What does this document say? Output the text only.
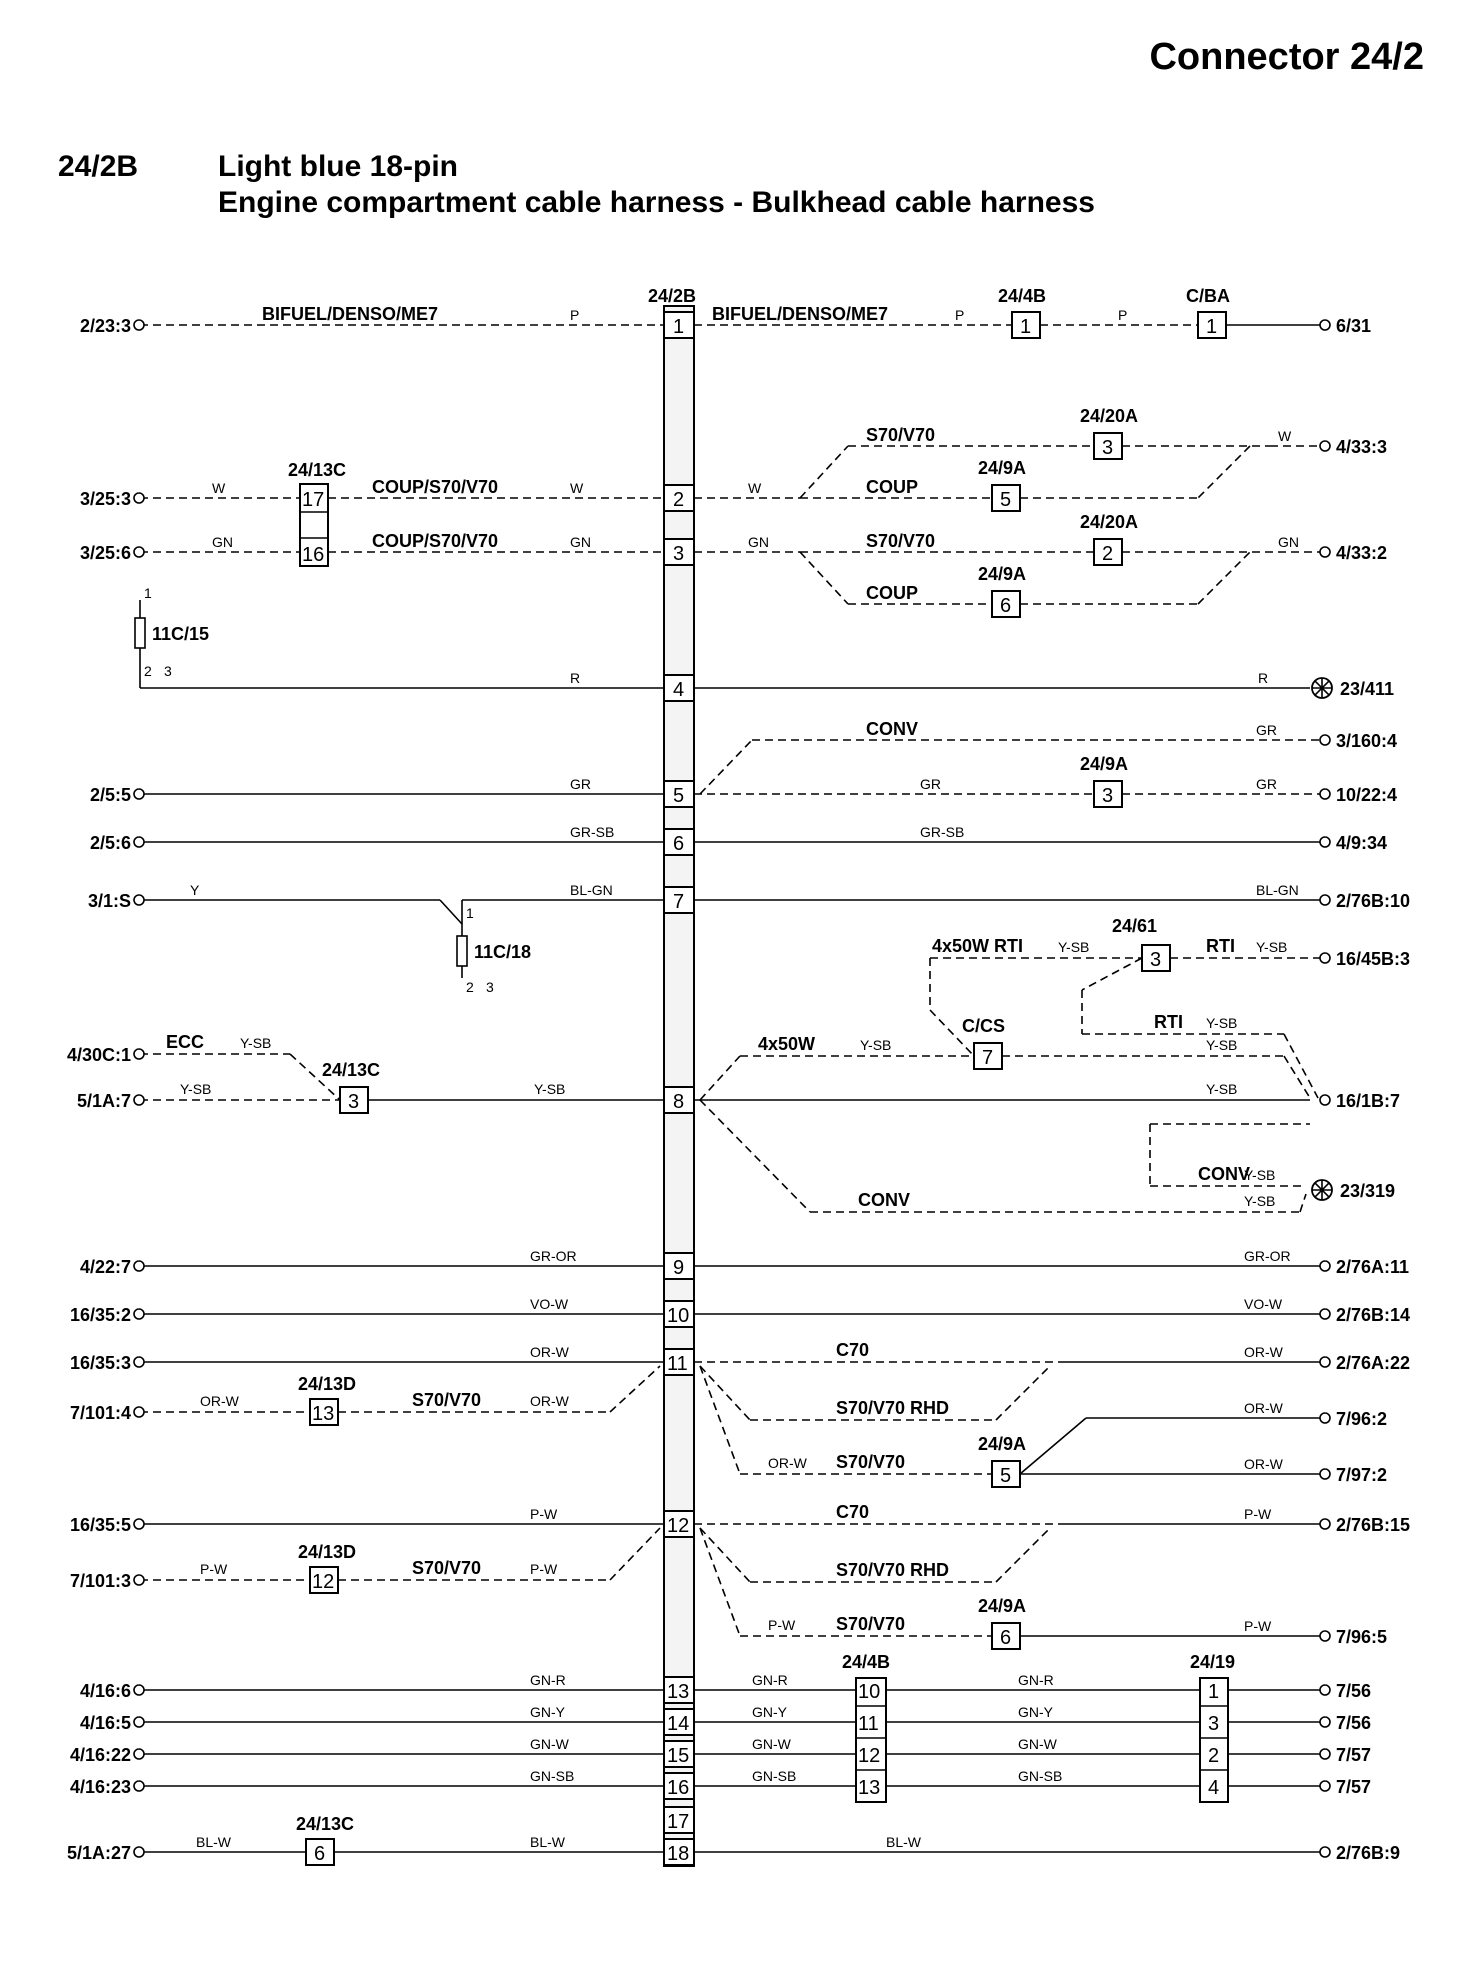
Connector 24/2
24/2B	Light blue 18-pin
Engine compartment cable harness - Bulkhead cable harness
1
2
3
4
5
6
7
8
9
10
11
12
13
14
15
16
17
18
24/2B
P	P	P
BIFUEL/DENSO/ME7	BIFUEL/DENSO/ME7
1
24/4B
1
C/BA
17
16
24/13C
W	W
GN	GN
COUP/S70/V70
COUP/S70/V70
3
24/20A
5
24/9A
S70/V70
COUP
W
W
2
24/20A
6
24/9A
S70/V70
COUP
GN	GN
11C/15
1
2 3	R	R
3
24/9A
CONV
GR	GR	GR
GR
GR-SB	GR-SB
11C/18
1
2 3
Y	BL-GN	BL-GN
3
24/61
4x50W RTI	RTI
RTI
Y-SB	Y-SB
Y-SB
3
24/13C
ECC	Y-SB
Y-SB	Y-SB
7
C/CS
4x50W	Y-SB	Y-SB
Y-SB
CONV
CONV
Y-SB
Y-SB
GR-OR	GR-OR
VO-W	VO-W
OR-W
13
24/13D
S70/V70
OR-W	OR-W
5
24/9A
C70
S70/V70 RHD
S70/V70
OR-W
OR-W
OR-W
OR-W
P-W
12
24/13D
S70/V70
P-W	P-W
6
24/9A
C70
S70/V70 RHD
S70/V70
P-W
P-W
P-W
GN-R
GN-Y
GN-W
GN-SB
10
11
12
13
24/4B
GN-R
GN-Y
GN-W
GN-SB
1
3
2
4
24/19
GN-R
GN-Y
GN-W
GN-SB
6
24/13C
BL-W	BL-W	BL-W
2/23:3
3/25:3
3/25:6
2/5:5
2/5:6
3/1:S
4/30C:1
5/1A:7
4/22:7
16/35:2
16/35:3
7/101:4
16/35:5
7/101:3
4/16:6
4/16:5
4/16:22
4/16:23
5/1A:27
6/31
4/33:3
4/33:2
23/411
3/160:4
10/22:4
4/9:34
2/76B:10
16/45B:3
16/1B:7
23/319
2/76A:11
2/76B:14
2/76A:22
7/96:2
7/97:2
2/76B:15
7/96:5
7/56
7/56
7/57
7/57
2/76B:9
